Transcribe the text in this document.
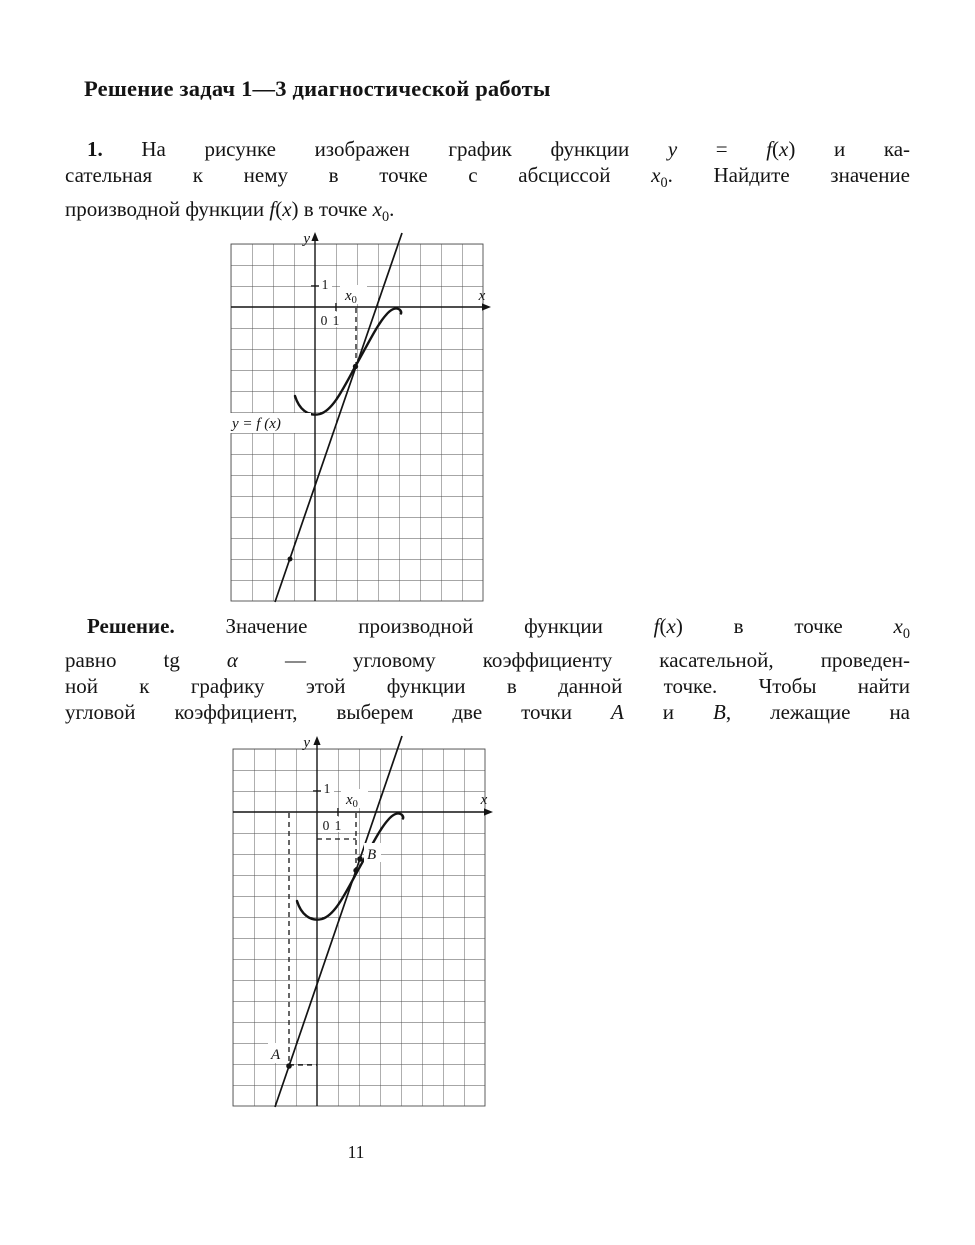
Решение задач 1—3 диагностической работы
1. На рисунке изображен график функции y = f(x) и ка-
сательная к нему в точке с абсциссой $x_0$. Найдите значение
производной функции f(x) в точке $x_0$.
y
x
0 1
1
$x_0$
y = f (x)
Решение. Значение производной функции f(x) в точке $x_0$
равно tg α — угловому коэффициенту касательной, проведен-
ной к графику этой функции в данной точке. Чтобы найти
угловой коэффициент, выберем две точки A и B, лежащие на
y
x
0 1
1
$x_0$
A
B
11
